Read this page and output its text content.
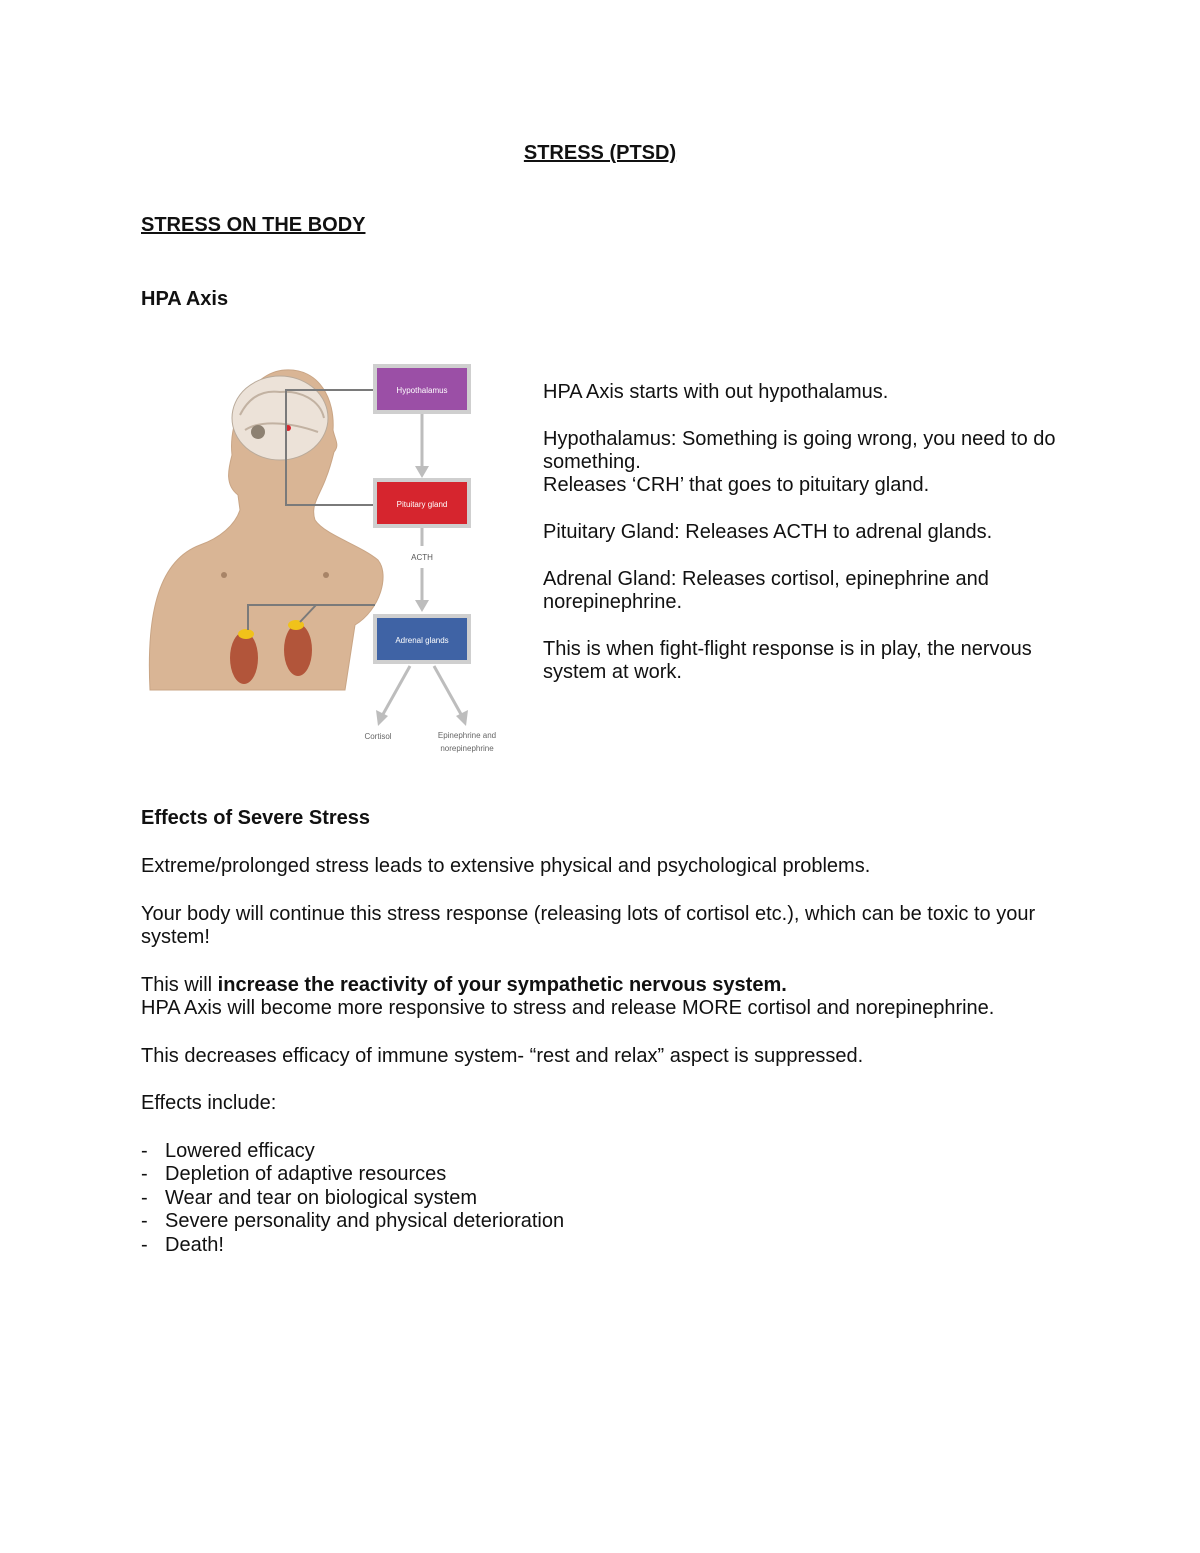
STRESS (PTSD)
STRESS ON THE BODY
HPA Axis
Hypothalamus
Pituitary gland
Adrenal glands
ACTH
Cortisol	Epinephrine and
norepinephrine

HPA Axis starts with out hypothalamus.

Hypothalamus: Something is going wrong, you need to do something.

Releases ‘CRH’ that goes to pituitary gland.

Pituitary Gland: Releases ACTH to adrenal glands.

Adrenal Gland: Releases cortisol, epinephrine and norepinephrine.

This is when fight-flight response is in play, the nervous system at work.

Effects of Severe Stress

Extreme/prolonged stress leads to extensive physical and psychological problems.

Your body will continue this stress response (releasing lots of cortisol etc.), which can be toxic to your system!

This will increase the reactivity of your sympathetic nervous system.

HPA Axis will become more responsive to stress and release MORE cortisol and norepinephrine.

This decreases efficacy of immune system- “rest and relax” aspect is suppressed.

Effects include:

- Lowered efficacy
- Depletion of adaptive resources
- Wear and tear on biological system
- Severe personality and physical deterioration
- Death!
